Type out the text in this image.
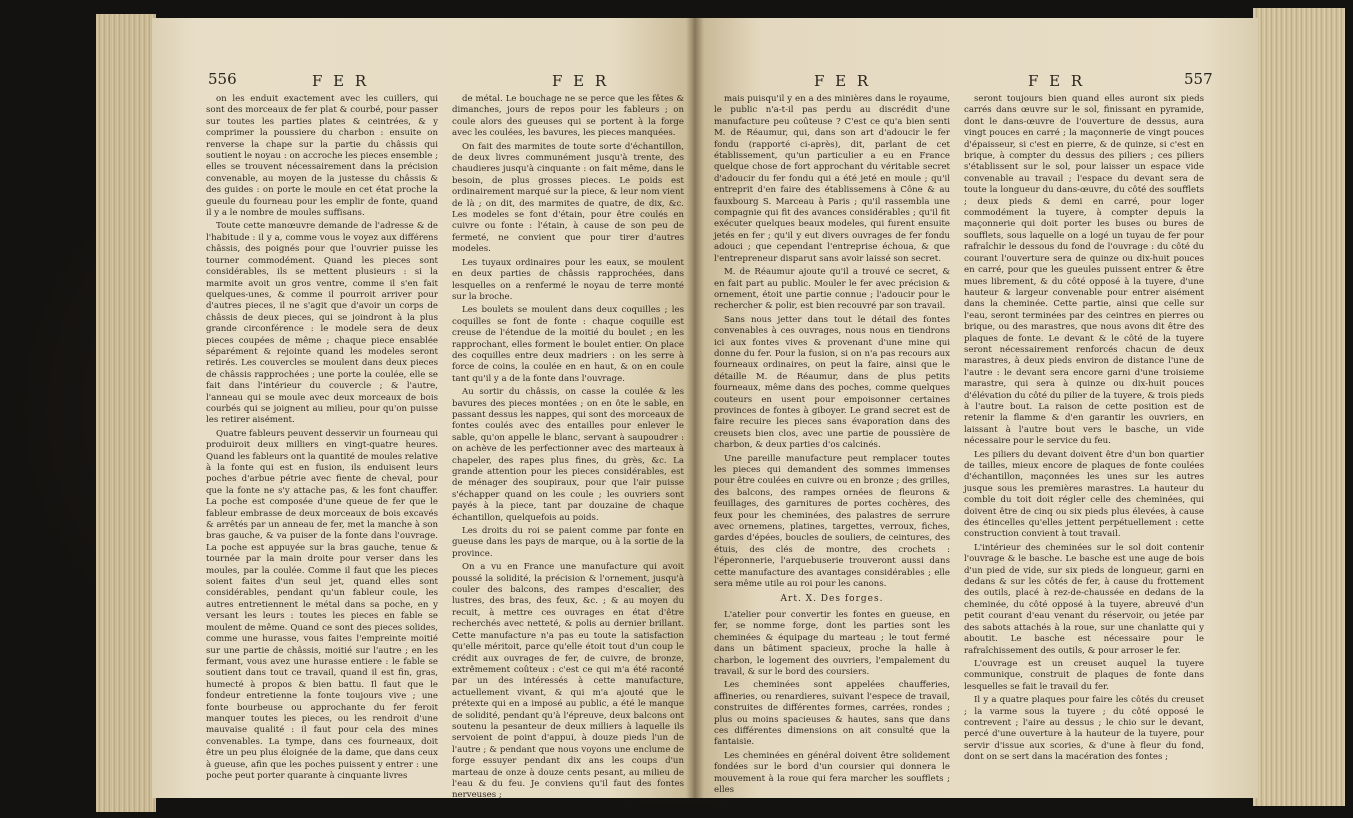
556	F E R	F E R

on les enduit exactement avec les cuillers, qui sont des morceaux de fer plat & courbé, pour passer sur toutes les parties plates & ceintrées, & y comprimer la poussiere du charbon : ensuite on renverse la chape sur la partie du châssis qui soutient le noyau : on accroche les pieces ensemble ; elles se trouvent nécessairement dans la précision convenable, au moyen de la justesse du châssis & des guides : on porte le moule en cet état proche la gueule du fourneau pour les emplir de fonte, quand il y a le nombre de moules suffisans.

Toute cette manœuvre demande de l'adresse & de l'habitude : il y a, comme vous le voyez aux différens châssis, des poignés pour que l'ouvrier puisse les tourner commodément. Quand les pieces sont considérables, ils se mettent plusieurs : si la marmite avoit un gros ventre, comme il s'en fait quelques-unes, & comme il pourroit arriver pour d'autres pieces, il ne s'agit que d'avoir un corps de châssis de deux pieces, qui se joindront à la plus grande circonférence : le modele sera de deux pieces coupées de même ; chaque piece ensablée séparément & rejointe quand les modeles seront retirés. Les couvercles se moulent dans deux pieces de châssis rapprochées ; une porte la coulée, elle se fait dans l'intérieur du couvercle ; & l'autre, l'anneau qui se moule avec deux morceaux de bois courbés qui se joignent au milieu, pour qu'on puisse les retirer aisément.

Quatre fableurs peuvent desservir un fourneau qui produiroit deux milliers en vingt-quatre heures. Quand les fableurs ont la quantité de moules relative à la fonte qui est en fusion, ils enduisent leurs poches d'arbue pétrie avec fiente de cheval, pour que la fonte ne s'y attache pas, & les font chauffer. La poche est composée d'une queue de fer que le fableur embrasse de deux morceaux de bois excavés & arrêtés par un anneau de fer, met la manche à son bras gauche, & va puiser de la fonte dans l'ouvrage. La poche est appuyée sur la bras gauche, tenue & tournée par la main droite pour verser dans les moules, par la coulée. Comme il faut que les pieces soient faites d'un seul jet, quand elles sont considérables, pendant qu'un fableur coule, les autres entretiennent le métal dans sa poche, en y versant les leurs : toutes les pieces en fable se moulent de même. Quand ce sont des pieces solides, comme une hurasse, vous faites l'empreinte moitié sur une partie de châssis, moitié sur l'autre ; en les fermant, vous avez une hurasse entiere : le fable se soutient dans tout ce travail, quand il est fin, gras, humecté à propos & bien battu. Il faut que le fondeur entretienne la fonte toujours vive ; une fonte bourbeuse ou approchante du fer feroit manquer toutes les pieces, ou les rendroit d'une mauvaise qualité : il faut pour cela des mines convenables. La tympe, dans ces fourneaux, doit être un peu plus éloignée de la dame, que dans ceux à gueuse, afin que les poches puissent y entrer : une poche peut porter quarante à cinquante livres

de métal. Le bouchage ne se perce que les fêtes & dimanches, jours de repos pour les fableurs ; on coule alors des gueuses qui se portent à la forge avec les coulées, les bavures, les pieces manquées.

On fait des marmites de toute sorte d'échantillon, de deux livres communément jusqu'à trente, des chaudieres jusqu'à cinquante : on fait même, dans le besoin, de plus grosses pieces. Le poids est ordinairement marqué sur la piece, & leur nom vient de là ; on dit, des marmites de quatre, de dix, &c. Les modeles se font d'étain, pour être coulés en cuivre ou fonte : l'étain, à cause de son peu de fermeté, ne convient que pour tirer d'autres modeles.

Les tuyaux ordinaires pour les eaux, se moulent en deux parties de châssis rapprochées, dans lesquelles on a renfermé le noyau de terre monté sur la broche.

Les boulets se moulent dans deux coquilles ; les coquilles se font de fonte : chaque coquille est creuse de l'étendue de la moitié du boulet ; en les rapprochant, elles forment le boulet entier. On place des coquilles entre deux madriers : on les serre à force de coins, la coulée en en haut, & on en coule tant qu'il y a de la fonte dans l'ouvrage.

Au sortir du châssis, on casse la coulée & les bavures des pieces montées ; on en ôte le sable, en passant dessus les nappes, qui sont des morceaux de fontes coulés avec des entailles pour enlever le sable, qu'on appelle le blanc, servant à saupoudrer : on achève de les perfectionner avec des marteaux à chapeler, des rapes plus fines, du grès, &c. La grande attention pour les pieces considérables, est de ménager des soupiraux, pour que l'air puisse s'échapper quand on les coule ; les ouvriers sont payés à la piece, tant par douzaine de chaque échantillon, quelquefois au poids.

Les droits du roi se paient comme par fonte en gueuse dans les pays de marque, ou à la sortie de la province.

On a vu en France une manufacture qui avoit poussé la solidité, la précision & l'ornement, jusqu'à couler des balcons, des rampes d'escalier, des lustres, des bras, des feux, &c. ; & au moyen du recuit, à mettre ces ouvrages en état d'être recherchés avec netteté, & polis au dernier brillant. Cette manufacture n'a pas eu toute la satisfaction qu'elle méritoit, parce qu'elle étoit tout d'un coup le crédit aux ouvrages de fer, de cuivre, de bronze, extrêmement coûteux : c'est ce qui m'a été raconté par un des intéressés à cette manufacture, actuellement vivant, & qui m'a ajouté que le prétexte qui en a imposé au public, a été le manque de solidité, pendant qu'à l'épreuve, deux balcons ont soutenu la pesanteur de deux milliers à laquelle ils servoient de point d'appui, à douze pieds l'un de l'autre ; & pendant que nous voyons une enclume de forge essuyer pendant dix ans les coups d'un marteau de onze à douze cents pesant, au milieu de l'eau & du feu. Je conviens qu'il faut des fontes nerveuses ;

F E R	F E R	557

mais puisqu'il y en a des minières dans le royaume, le public n'a-t-il pas perdu au discrédit d'une manufacture peu coûteuse ? C'est ce qu'a bien senti M. de Réaumur, qui, dans son art d'adoucir le fer fondu (rapporté ci-après), dit, parlant de cet établissement, qu'un particulier a eu en France quelque chose de fort approchant du véritable secret d'adoucir du fer fondu qui a été jeté en moule ; qu'il entreprit d'en faire des établissemens à Cône & au fauxbourg S. Marceau à Paris ; qu'il rassembla une compagnie qui fit des avances considérables ; qu'il fit exécuter quelques beaux modeles, qui furent ensuite jetés en fer ; qu'il y eut divers ouvrages de fer fondu adouci ; que cependant l'entreprise échoua, & que l'entrepreneur disparut sans avoir laissé son secret.

M. de Réaumur ajoute qu'il a trouvé ce secret, & en fait part au public. Mouler le fer avec précision & ornement, étoit une partie connue ; l'adoucir pour le rechercher & polir, est bien recouvré par son travail.

Sans nous jetter dans tout le détail des fontes convenables à ces ouvrages, nous nous en tiendrons ici aux fontes vives & provenant d'une mine qui donne du fer. Pour la fusion, si on n'a pas recours aux fourneaux ordinaires, on peut la faire, ainsi que le détaille M. de Réaumur, dans de plus petits fourneaux, même dans des poches, comme quelques couteurs en usent pour empoisonner certaines provinces de fontes à giboyer. Le grand secret est de faire recuire les pieces sans évaporation dans des creusets bien clos, avec une partie de poussière de charbon, & deux parties d'os calcinés.

Une pareille manufacture peut remplacer toutes les pieces qui demandent des sommes immenses pour être coulées en cuivre ou en bronze ; des grilles, des balcons, des rampes ornées de fleurons & feuillages, des garnitures de portes cochères, des feux pour les cheminées, des palastres de serrure avec ornemens, platines, targettes, verroux, fiches, gardes d'épées, boucles de souliers, de ceintures, des étuis, des clés de montre, des crochets : l'éperonnerie, l'arquebuserie trouveront aussi dans cette manufacture des avantages considérables ; elle sera même utile au roi pour les canons.

Art. X. Des forges.

L'atelier pour convertir les fontes en gueuse, en fer, se nomme forge, dont les parties sont les cheminées & équipage du marteau ; le tout fermé dans un bâtiment spacieux, proche la halle à charbon, le logement des ouvriers, l'empalement du travail, & sur le bord des coursiers.

Les cheminées sont appelées chaufferies, affineries, ou renardieres, suivant l'espece de travail, construites de différentes formes, carrées, rondes ; plus ou moins spacieuses & hautes, sans que dans ces différentes dimensions on ait consulté que la fantaisie.

Les cheminées en général doivent être solidement fondées sur le bord d'un coursier qui donnera le mouvement à la roue qui fera marcher les soufflets ; elles

seront toujours bien quand elles auront six pieds carrés dans œuvre sur le sol, finissant en pyramide, dont le dans-œuvre de l'ouverture de dessus, aura vingt pouces en carré ; la maçonnerie de vingt pouces d'épaisseur, si c'est en pierre, & de quinze, si c'est en brique, à compter du dessus des piliers ; ces piliers s'établissent sur le sol, pour laisser un espace vide convenable au travail ; l'espace du devant sera de toute la longueur du dans-œuvre, du côté des soufflets ; deux pieds & demi en carré, pour loger commodément la tuyere, à compter depuis la maçonnerie qui doit porter les buses ou bures de soufflets, sous laquelle on a logé un tuyau de fer pour rafraîchir le dessous du fond de l'ouvrage : du côté du courant l'ouverture sera de quinze ou dix-huit pouces en carré, pour que les gueules puissent entrer & être mues librement, & du côté opposé à la tuyere, d'une hauteur & largeur convenable pour entrer aisément dans la cheminée. Cette partie, ainsi que celle sur l'eau, seront terminées par des ceintres en pierres ou brique, ou des marastres, que nous avons dit être des plaques de fonte. Le devant & le côté de la tuyere seront nécessairement renforcés chacun de deux marastres, à deux pieds environ de distance l'une de l'autre : le devant sera encore garni d'une troisieme marastre, qui sera à quinze ou dix-huit pouces d'élévation du côté du pilier de la tuyere, & trois pieds à l'autre bout. La raison de cette position est de retenir la flamme & d'en garantir les ouvriers, en laissant à l'autre bout vers le basche, un vide nécessaire pour le service du feu.

Les piliers du devant doivent être d'un bon quartier de tailles, mieux encore de plaques de fonte coulées d'échantillon, maçonnées les unes sur les autres jusque sous les premières marastres. La hauteur du comble du toit doit régler celle des cheminées, qui doivent être de cinq ou six pieds plus élevées, à cause des étincelles qu'elles jettent perpétuellement : cette construction convient à tout travail.

L'intérieur des cheminées sur le sol doit contenir l'ouvrage & le basche. Le basche est une auge de bois d'un pied de vide, sur six pieds de longueur, garni en dedans & sur les côtés de fer, à cause du frottement des outils, placé à rez-de-chaussée en dedans de la cheminée, du côté opposé à la tuyere, abreuvé d'un petit courant d'eau venant du réservoir, ou jetée par des sabots attachés à la roue, sur une chanlatte qui y aboutit. Le basche est nécessaire pour le rafraîchissement des outils, & pour arroser le fer.

L'ouvrage est un creuset auquel la tuyere communique, construit de plaques de fonte dans lesquelles se fait le travail du fer.

Il y a quatre plaques pour faire les côtés du creuset ; la varme sous la tuyere ; du côté opposé le contrevent ; l'aire au dessus ; le chio sur le devant, percé d'une ouverture à la hauteur de la tuyere, pour servir d'issue aux scories, & d'une à fleur du fond, dont on se sert dans la macération des fontes ;
